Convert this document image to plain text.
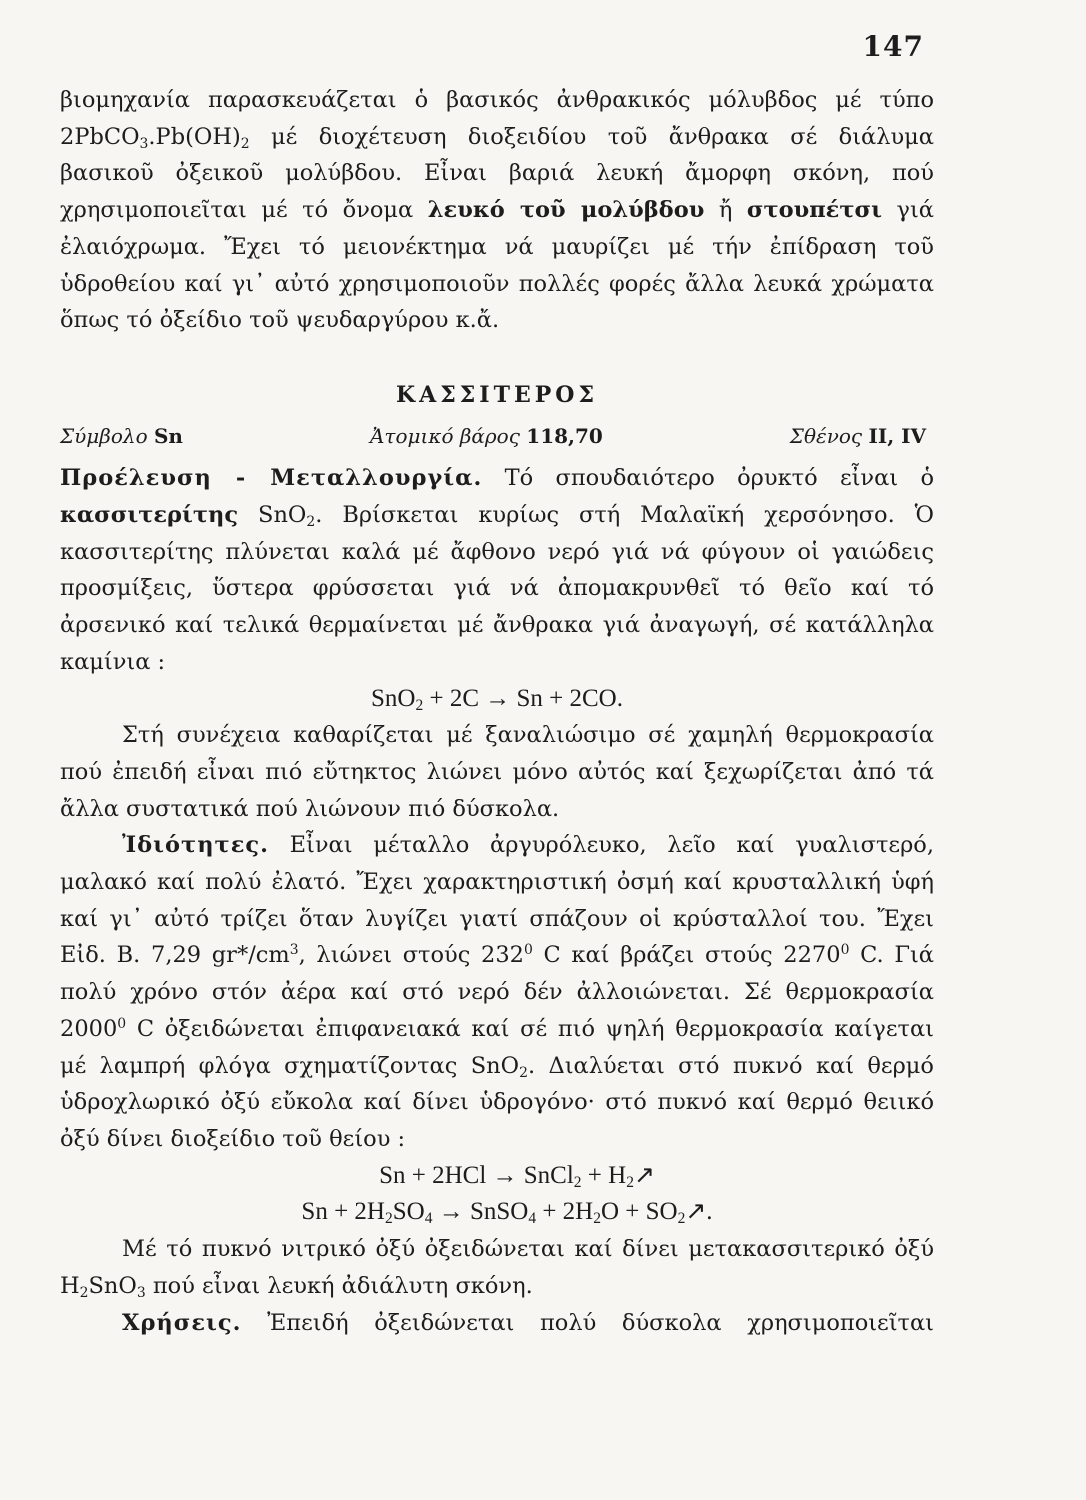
147

βιομηχανία παρασκευάζεται ὁ βασικός ἀνθρακικός μόλυβδος μέ τύπο $2PbCO_3.Pb(OH)_2$ μέ διοχέτευση διοξειδίου τοῦ ἄνθρακα σέ διάλυμα βασικοῦ ὀξεικοῦ μολύβδου. Εἶναι βαριά λευκή ἄμορφη σκόνη, πού χρησιμοποιεῖται μέ τό ὄνομα λευκό τοῦ μολύβδου ἤ στουπέτσι γιά ἐλαιόχρωμα. Ἔχει τό μειονέκτημα νά μαυρίζει μέ τήν ἐπίδραση τοῦ ὑδροθείου καί γι᾿ αὐτό χρησιμοποιοῦν πολλές φορές ἄλλα λευκά χρώματα ὅπως τό ὀξείδιο τοῦ ψευδαργύρου κ.ἄ.

ΚΑΣΣΙΤΕΡΟΣ

Σύμβολο Sn	Ἀτομικό βάρος 118,70	Σθένος II, IV

Προέλευση - Μεταλλουργία. Τό σπουδαιότερο ὀρυκτό εἶναι ὁ κασσιτερίτης SnO$_2$. Βρίσκεται κυρίως στή Μαλαϊκή χερσόνησο. Ὁ κασσιτερίτης πλύνεται καλά μέ ἄφθονο νερό γιά νά φύγουν οἱ γαιώδεις προσμίξεις, ὕστερα φρύσσεται γιά νά ἀπομακρυνθεῖ τό θεῖο καί τό ἀρσενικό καί τελικά θερμαίνεται μέ ἄνθρακα γιά ἀναγωγή, σέ κατάλληλα καμίνια :

SnO$_2$ + 2C → Sn + 2CO.

Στή συνέχεια καθαρίζεται μέ ξαναλιώσιμο σέ χαμηλή θερμοκρασία πού ἐπειδή εἶναι πιό εὔτηκτος λιώνει μόνο αὐτός καί ξεχωρίζεται ἀπό τά ἄλλα συστατικά πού λιώνουν πιό δύσκολα.

Ἰδιότητες. Εἶναι μέταλλο ἀργυρόλευκο, λεῖο καί γυαλιστερό, μαλακό καί πολύ ἐλατό. Ἔχει χαρακτηριστική ὀσμή καί κρυσταλλική ὑφή καί γι᾿ αὐτό τρίζει ὅταν λυγίζει γιατί σπάζουν οἱ κρύσταλλοί του. Ἔχει Εἰδ. Β. 7,29 $gr*/cm^3$, λιώνει στούς $232^0$ C καί βράζει στούς 2270$^0$ C. Γιά πολύ χρόνο στόν ἀέρα καί στό νερό δέν ἀλλοιώνεται. Σέ θερμοκρασία 2000$^0$ C ὀξειδώνεται ἐπιφανειακά καί σέ πιό ψηλή θερμοκρασία καίγεται μέ λαμπρή φλόγα σχηματίζοντας SnO$_2$. Διαλύεται στό πυκνό καί θερμό ὑδροχλωρικό ὀξύ εὔκολα καί δίνει ὑδρογόνο· στό πυκνό καί θερμό θειικό ὀξύ δίνει διοξείδιο τοῦ θείου :

Sn + 2HCl → SnCl$_2$ + $H_2↗$

$Sn + 2H_2SO_4$ → SnSO$_4$ + $2H_2O$ + $SO_2↗$.

Μέ τό πυκνό νιτρικό ὀξύ ὀξειδώνεται καί δίνει μετακασσιτερικό ὀξύ $H_2SnO_3$ πού εἶναι λευκή ἀδιάλυτη σκόνη.

Χρήσεις. Ἐπειδή ὀξειδώνεται πολύ δύσκολα χρησιμοποιεῖται
